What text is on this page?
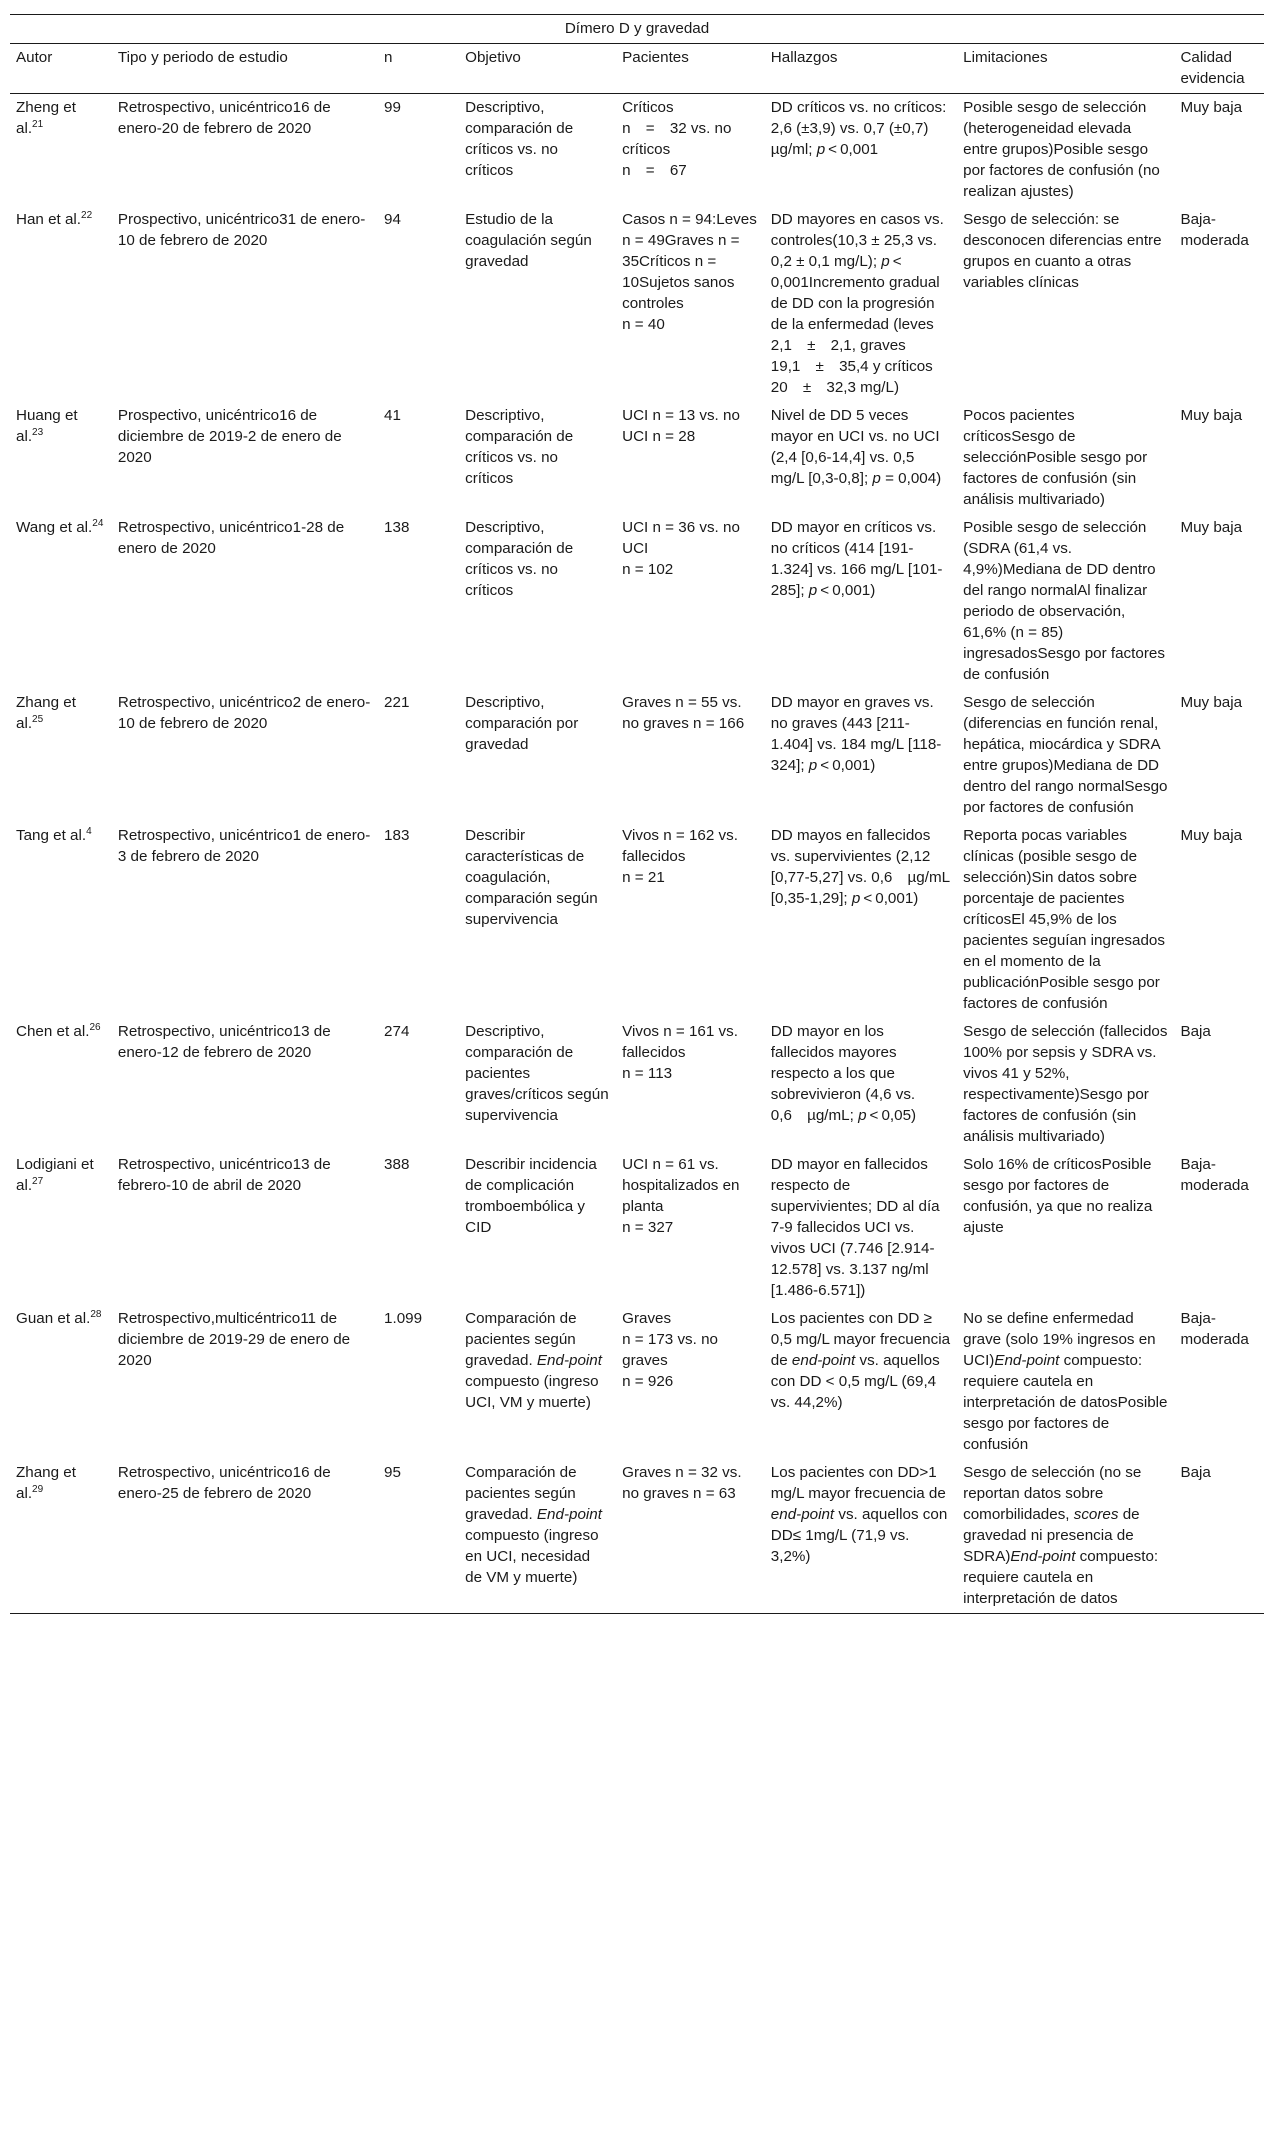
Dímero D y gravedad							
Autor	Tipo y periodo de estudio	n	Objetivo	Pacientes	Hallazgos	Limitaciones	Calidad evidencia
Zheng et al.$^{21}$	Retrospectivo, unicéntrico16 de enero-20 de febrero de 2020	99	Descriptivo, comparación de críticos vs. no críticos	Críticos
n = 32 vs. no críticos
n = 67	DD críticos vs. no críticos: 2,6 (±3,9) vs. 0,7 (±0,7) µg/ml; p < 0,001	Posible sesgo de selección (heterogeneidad elevada entre grupos)Posible sesgo por factores de confusión (no realizan ajustes)	Muy baja
Han et al.$^{22}$	Prospectivo, unicéntrico31 de enero-10 de febrero de 2020	94	Estudio de la coagulación según gravedad	Casos n = 94:Leves n = 49Graves n = 35Críticos n = 10Sujetos sanos controles
n = 40	DD mayores en casos vs. controles(10,3 ± 25,3 vs. 0,2 ± 0,1 mg/L); p < 0,001Incremento gradual de DD con la progresión de la enfermedad (leves 2,1 ± 2,1, graves 19,1 ± 35,4 y críticos 20 ± 32,3 mg/L)	Sesgo de selección: se desconocen diferencias entre grupos en cuanto a otras variables clínicas	Baja-moderada
Huang et al.$^{23}$	Prospectivo, unicéntrico16 de diciembre de 2019-2 de enero de 2020	41	Descriptivo, comparación de críticos vs. no críticos	UCI n = 13 vs. no UCI n = 28	Nivel de DD 5 veces mayor en UCI vs. no UCI (2,4 [0,6-14,4] vs. 0,5 mg/L [0,3-0,8]; p = 0,004)	Pocos pacientes críticosSesgo de selecciónPosible sesgo por factores de confusión (sin análisis multivariado)	Muy baja
Wang et al.$^{24}$	Retrospectivo, unicéntrico1-28 de enero de 2020	138	Descriptivo, comparación de críticos vs. no críticos	UCI n = 36 vs. no UCI
n = 102	DD mayor en críticos vs. no críticos (414 [191-1.324] vs. 166 mg/L [101-285]; p < 0,001)	Posible sesgo de selección (SDRA (61,4 vs. 4,9%)Mediana de DD dentro del rango normalAl finalizar periodo de observación, 61,6% (n = 85) ingresadosSesgo por factores de confusión	Muy baja
Zhang et al.$^{25}$	Retrospectivo, unicéntrico2 de enero-10 de febrero de 2020	221	Descriptivo, comparación por gravedad	Graves n = 55 vs. no graves n = 166	DD mayor en graves vs. no graves (443 [211-1.404] vs. 184 mg/L [118-324]; p < 0,001)	Sesgo de selección (diferencias en función renal, hepática, miocárdica y SDRA entre grupos)Mediana de DD dentro del rango normalSesgo por factores de confusión	Muy baja
Tang et al.$^4$	Retrospectivo, unicéntrico1 de enero-3 de febrero de 2020	183	Describir características de coagulación, comparación según supervivencia	Vivos n = 162 vs. fallecidos
n = 21	DD mayos en fallecidos vs. supervivientes (2,12 [0,77-5,27] vs. 0,6 µg/mL [0,35-1,29]; p < 0,001)	Reporta pocas variables clínicas (posible sesgo de selección)Sin datos sobre porcentaje de pacientes críticosEl 45,9% de los pacientes seguían ingresados en el momento de la publicaciónPosible sesgo por factores de confusión	Muy baja
Chen et al.$^{26}$	Retrospectivo, unicéntrico13 de enero-12 de febrero de 2020	274	Descriptivo, comparación de pacientes graves/críticos según supervivencia	Vivos n = 161 vs. fallecidos
n = 113	DD mayor en los fallecidos mayores respecto a los que sobrevivieron (4,6 vs. 0,6 µg/mL; p < 0,05)	Sesgo de selección (fallecidos 100% por sepsis y SDRA vs. vivos 41 y 52%, respectivamente)Sesgo por factores de confusión (sin análisis multivariado)	Baja
Lodigiani et al.$^{27}$	Retrospectivo, unicéntrico13 de febrero-10 de abril de 2020	388	Describir incidencia de complicación tromboembólica y CID	UCI n = 61 vs. hospitalizados en planta
n = 327	DD mayor en fallecidos respecto de supervivientes; DD al día 7-9 fallecidos UCI vs. vivos UCI (7.746 [2.914-12.578] vs. 3.137 ng/ml [1.486-6.571])	Solo 16% de críticosPosible sesgo por factores de confusión, ya que no realiza ajuste	Baja-moderada
Guan et al.$^{28}$	Retrospectivo,multicéntrico11 de diciembre de 2019-29 de enero de 2020	1.099	Comparación de pacientes según gravedad. End-point compuesto (ingreso UCI, VM y muerte)	Graves
n = 173 vs. no graves
n = 926	Los pacientes con DD ≥ 0,5 mg/L mayor frecuencia de end-point vs. aquellos con DD < 0,5 mg/L (69,4 vs. 44,2%)	No se define enfermedad grave (solo 19% ingresos en UCI)End-point compuesto: requiere cautela en interpretación de datosPosible sesgo por factores de confusión	Baja-moderada
Zhang et al.$^{29}$	Retrospectivo, unicéntrico16 de enero-25 de febrero de 2020	95	Comparación de pacientes según gravedad. End-point compuesto (ingreso en UCI, necesidad de VM y muerte)	Graves n = 32 vs. no graves n = 63	Los pacientes con DD>1 mg/L mayor frecuencia de end-point vs. aquellos con DD≤ 1mg/L (71,9 vs. 3,2%)	Sesgo de selección (no se reportan datos sobre comorbilidades, scores de gravedad ni presencia de SDRA)End-point compuesto: requiere cautela en interpretación de datos	Baja
